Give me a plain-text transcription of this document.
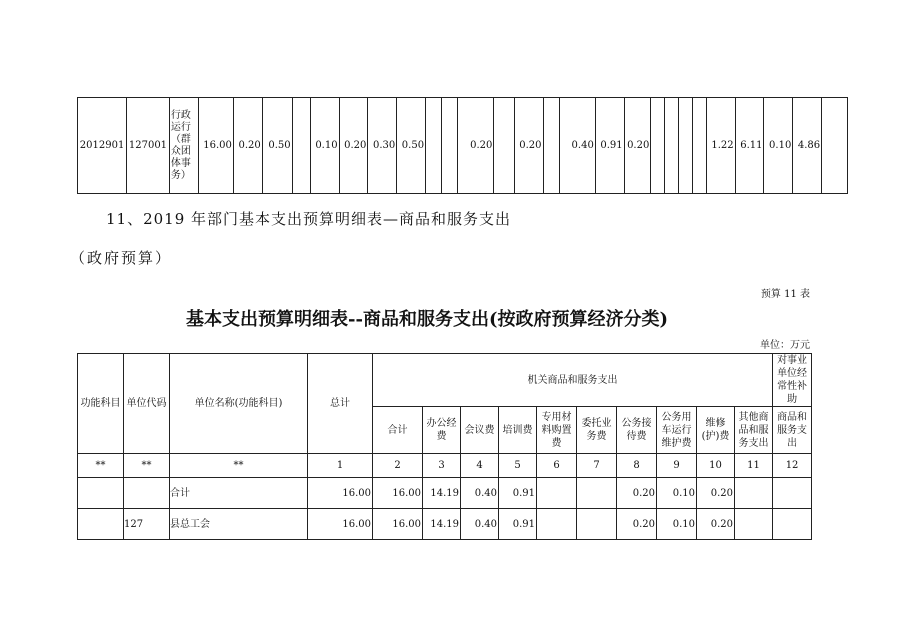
2012901	127001	行政运行（群众团体事务）	16.00	0.20	0.50		0.10	0.20	0.30	0.50			0.20		0.20		0.40	0.91	0.20					1.22	6.11	0.10	4.86	
11、2019 年部门基本支出预算明细表—商品和服务支出
（政府预算）
预算 11 表
基本支出预算明细表--商品和服务支出(按政府预算经济分类)
单位：万元
功能科目	单位代码	单位名称(功能科目)	总计	机关商品和服务支出										对事业单位经常性补助
				合计	办公经费	会议费	培训费	专用材料购置费	委托业务费	公务接待费	公务用车运行维护费	维修(护)费	其他商品和服务支出	商品和服务支出
**	**	**	1	2	3	4	5	6	7	8	9	10	11	12
		合计	16.00	16.00	14.19	0.40	0.91			0.20	0.10	0.20		
	127	县总工会	16.00	16.00	14.19	0.40	0.91			0.20	0.10	0.20		
